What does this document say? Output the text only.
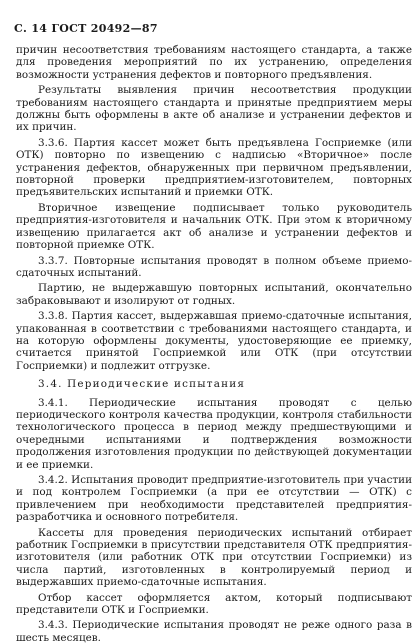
С. 14 ГОСТ 20492—87

причин несоответствия требованиям настоящего стандарта, а также для проведения мероприятий по их устранению, определения возможности устранения дефектов и повторного предъявления.

Результаты выявления причин несоответствия продукции требованиям настоящего стандарта и принятые предприятием меры должны быть оформлены в акте об анализе и устранении дефектов и их причин.

3.3.6. Партия кассет может быть предъявлена Госприемке (или ОТК) повторно по извещению с надписью «Вторичное» после устранения дефектов, обнаруженных при первичном предъявлении, повторной проверки предприятием-изготовителем, повторных предъявительских испытаний и приемки ОТК.

Вторичное извещение подписывает только руководитель предприятия-изготовителя и начальник ОТК. При этом к вторичному извещению прилагается акт об анализе и устранении дефектов и повторной приемке ОТК.

3.3.7. Повторные испытания проводят в полном объеме приемо-сдаточных испытаний.

Партию, не выдержавшую повторных испытаний, окончательно забраковывают и изолируют от годных.

3.3.8. Партия кассет, выдержавшая приемо-сдаточные испытания, упакованная в соответствии с требованиями настоящего стандарта, и на которую оформлены документы, удостоверяющие ее приемку, считается принятой Госприемкой или ОТК (при отсутствии Госприемки) и подлежит отгрузке.

3.4. Периодические испытания

3.4.1. Периодические испытания проводят с целью периодического контроля качества продукции, контроля стабильности технологического процесса в период между предшествующими и очередными испытаниями и подтверждения возможности продолжения изготовления продукции по действующей документации и ее приемки.

3.4.2. Испытания проводит предприятие-изготовитель при участии и под контролем Госприемки (а при ее отсутствии — ОТК) с привлечением при необходимости представителей предприятия-разработчика и основного потребителя.

Кассеты для проведения периодических испытаний отбирает работник Госприемки в присутствии представителя ОТК предприятия-изготовителя (или работник ОТК при отсутствии Госприемки) из числа партий, изготовленных в контролируемый период и выдержавших приемо-сдаточные испытания.

Отбор кассет оформляется актом, который подписывают представители ОТК и Госприемки.

3.4.3. Периодические испытания проводят не реже одного раза в шесть месяцев.
